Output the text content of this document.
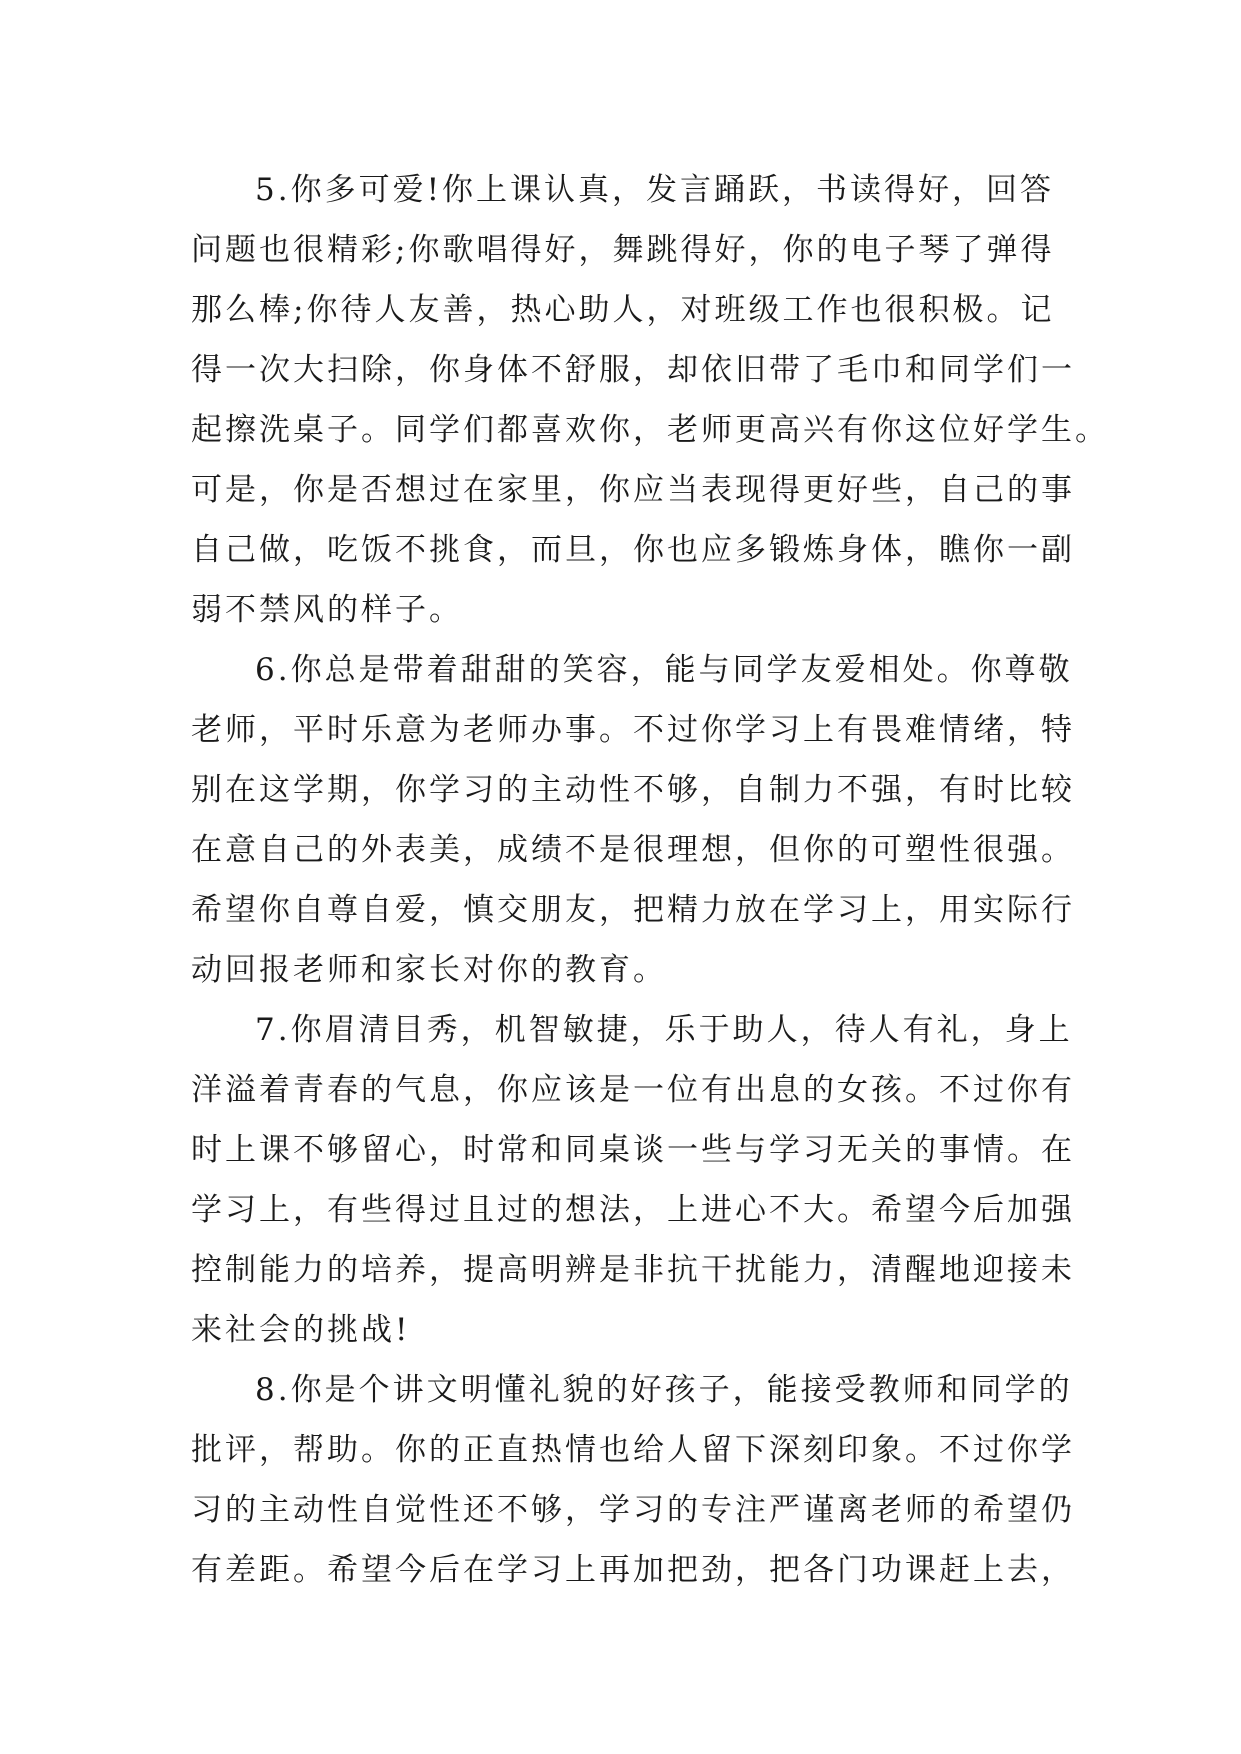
5.你多可爱!你上课认真，发言踊跃，书读得好，回答
问题也很精彩;你歌唱得好，舞跳得好，你的电子琴了弹得
那么棒;你待人友善，热心助人，对班级工作也很积极。记
得一次大扫除，你身体不舒服，却依旧带了毛巾和同学们一
起擦洗桌子。同学们都喜欢你，老师更高兴有你这位好学生。
可是，你是否想过在家里，你应当表现得更好些，自己的事
自己做，吃饭不挑食，而旦，你也应多锻炼身体，瞧你一副
弱不禁风的样子。
6.你总是带着甜甜的笑容，能与同学友爱相处。你尊敬
老师，平时乐意为老师办事。不过你学习上有畏难情绪，特
别在这学期，你学习的主动性不够，自制力不强，有时比较
在意自己的外表美，成绩不是很理想，但你的可塑性很强。
希望你自尊自爱，慎交朋友，把精力放在学习上，用实际行
动回报老师和家长对你的教育。
7.你眉清目秀，机智敏捷，乐于助人，待人有礼，身上
洋溢着青春的气息，你应该是一位有出息的女孩。不过你有
时上课不够留心，时常和同桌谈一些与学习无关的事情。在
学习上，有些得过且过的想法，上进心不大。希望今后加强
控制能力的培养，提高明辨是非抗干扰能力，清醒地迎接未
来社会的挑战!
8.你是个讲文明懂礼貌的好孩子，能接受教师和同学的
批评，帮助。你的正直热情也给人留下深刻印象。不过你学
习的主动性自觉性还不够，学习的专注严谨离老师的希望仍
有差距。希望今后在学习上再加把劲，把各门功课赶上去，
